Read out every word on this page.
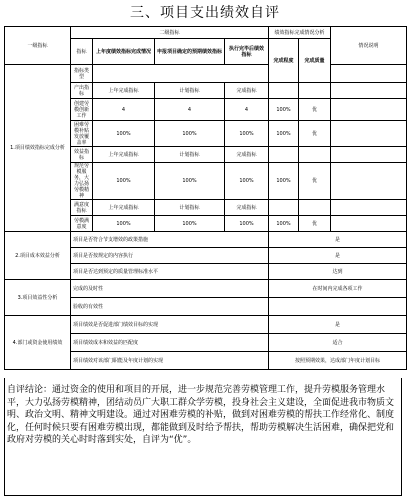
三、项目支出绩效自评
一级指标	二级指标				绩效指标完成情况分析		情况说明
	指标	上年度绩效指标完成情况	申报项目确定的预期绩效指标	执行完毕后绩效指标	完成程度	完成质量	
1.项目绩效指标完成分析	指标类型						
	产出指标	上年完成指标	计划指标	完成指标			
	创建劳模创新工作	4	4	4	100%	优	
	困难劳模补贴发放覆盖率	100%	100%	100%	100%	优	
	效益指标	上年完成指标	计划指标	完成指标			
	规范劳模服务，大力弘扬劳模精神	100%	100%	100%	100%	优	
	满意度指标	上年完成指标	计划指标	完成指标			
	劳模满意度	100%	100%	100%	100%	优	
2.项目成本效益分析	项目是否符合节支增效的政策措施				是		
	项目是否按规定的内容执行				是		
	项目是否达到预定的质量管理标准水平				达到		
3.项目效益性分析	完成的及时性				在时间内完成各项工作		
	验收的有效性						
4.部门或资金使用绩效	项目绩效是否促进部门绩效目标的实现				是		
	项目绩效成本和效益的匹配度				适合		
	项目绩效对该部门职能及年度计划的实现				按照预期效果，达成部门年度计划目标		
自评结论：通过资金的使用和项目的开展，进一步规范完善劳模管理工作，提升劳模服务管理水平，大力弘扬劳模精神，团结动员广大职工群众学劳模，投身社会主义建设，全面促进我市物质文明、政治文明、精神文明建设。通过对困难劳模的补贴，做到对困难劳模的帮扶工作经常化、制度化，任何时候只要有困难劳模出现，都能做到及时给予帮扶，帮助劳模解决生活困难，确保把党和政府对劳模的关心时时落到实处，自评为“优”。
